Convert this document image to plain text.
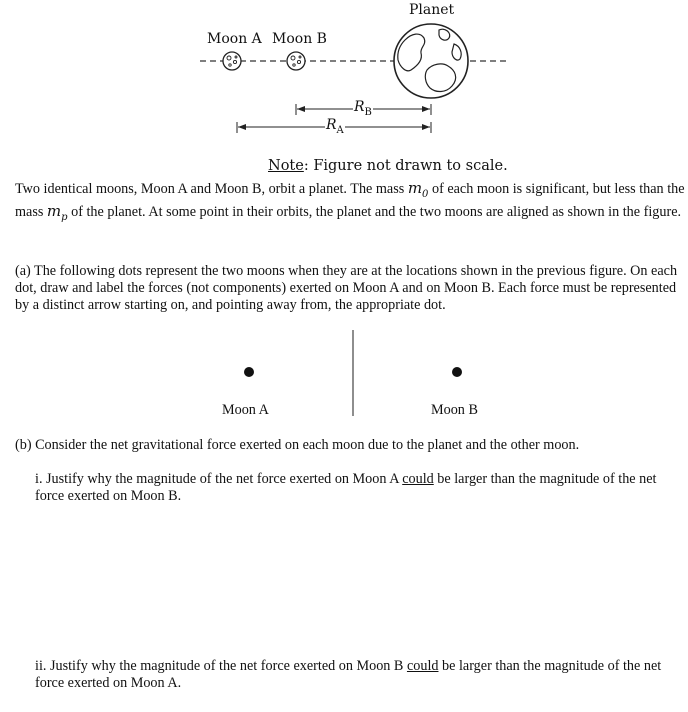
Planet
Moon A Moon B
$R_B$
$R_A$
Note: Figure not drawn to scale.
Two identical moons, Moon A and Moon B, orbit a planet. The mass $m_0$ of each moon is significant, but less than the mass $m_p$ of the planet. At some point in their orbits, the planet and the two moons are aligned as shown in the figure.
(a) The following dots represent the two moons when they are at the locations shown in the previous figure. On each dot, draw and label the forces (not components) exerted on Moon A and on Moon B. Each force must be represented by a distinct arrow starting on, and pointing away from, the appropriate dot.
Moon A	Moon B
(b) Consider the net gravitational force exerted on each moon due to the planet and the other moon.
i. Justify why the magnitude of the net force exerted on Moon A could be larger than the magnitude of the net force exerted on Moon B.
ii. Justify why the magnitude of the net force exerted on Moon B could be larger than the magnitude of the net force exerted on Moon A.
